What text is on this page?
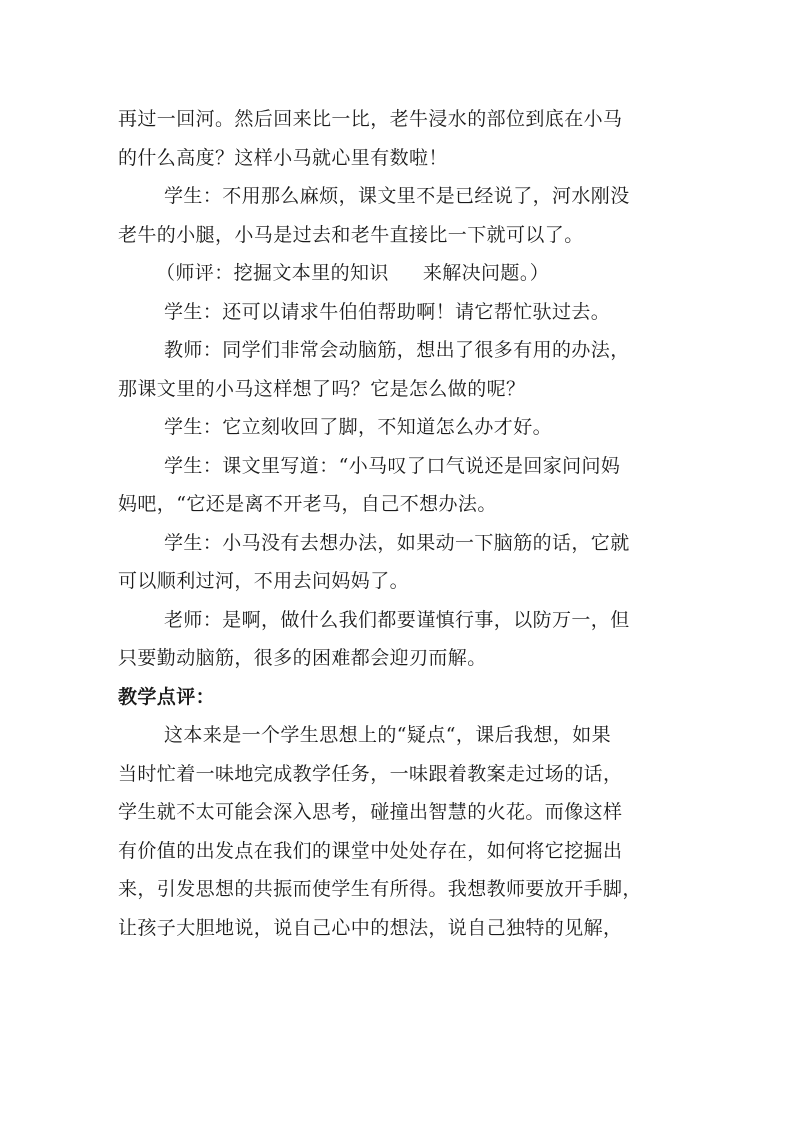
再过一回河。然后回来比一比，老牛浸水的部位到底在小马
的什么高度？这样小马就心里有数啦！
学生：不用那么麻烦，课文里不是已经说了，河水刚没
老牛的小腿，小马是过去和老牛直接比一下就可以了。
（师评：挖掘文本里的知识 来解决问题。）
学生：还可以请求牛伯伯帮助啊！请它帮忙驮过去。
教师：同学们非常会动脑筋，想出了很多有用的办法，
那课文里的小马这样想了吗？它是怎么做的呢？
学生：它立刻收回了脚，不知道怎么办才好。
学生：课文里写道：“小马叹了口气说还是回家问问妈
妈吧，“它还是离不开老马，自己不想办法。
学生：小马没有去想办法，如果动一下脑筋的话，它就
可以顺利过河，不用去问妈妈了。
老师：是啊，做什么我们都要谨慎行事，以防万一，但
只要勤动脑筋，很多的困难都会迎刃而解。
教学点评：
这本来是一个学生思想上的“疑点“，课后我想，如果
当时忙着一味地完成教学任务，一味跟着教案走过场的话，
学生就不太可能会深入思考，碰撞出智慧的火花。而像这样
有价值的出发点在我们的课堂中处处存在，如何将它挖掘出
来，引发思想的共振而使学生有所得。我想教师要放开手脚，
让孩子大胆地说，说自己心中的想法，说自己独特的见解，
